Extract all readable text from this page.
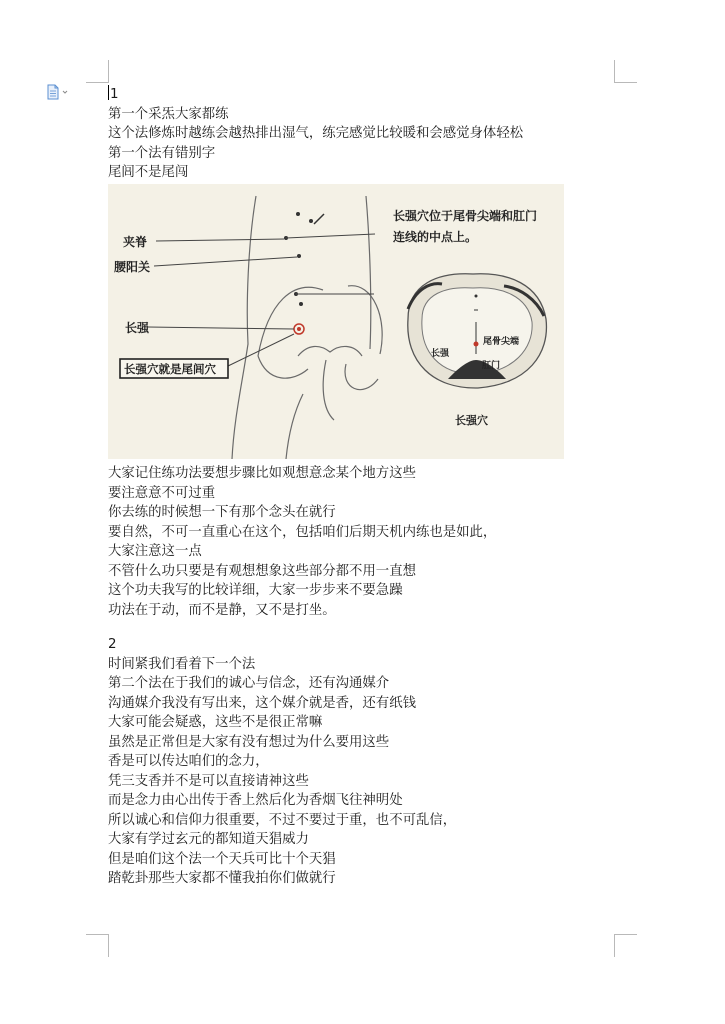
1
第一个采炁大家都练
这个法修炼时越练会越热排出湿气，练完感觉比较暖和会感觉身体轻松
第一个法有错别字
尾闾不是尾闯
夹脊
腰阳关
长强
长强穴就是尾闾穴
长强穴位于尾骨尖端和肛门
连线的中点上。
尾骨尖端
长强
肛门
长强穴
大家记住练功法要想步骤比如观想意念某个地方这些
要注意意不可过重
你去练的时候想一下有那个念头在就行
要自然，不可一直重心在这个，包括咱们后期天机内练也是如此，
大家注意这一点
不管什么功只要是有观想想象这些部分都不用一直想
这个功夫我写的比较详细，大家一步步来不要急躁
功法在于动，而不是静，又不是打坐。
2
时间紧我们看着下一个法
第二个法在于我们的诚心与信念，还有沟通媒介
沟通媒介我没有写出来，这个媒介就是香，还有纸钱
大家可能会疑惑，这些不是很正常嘛
虽然是正常但是大家有没有想过为什么要用这些
香是可以传达咱们的念力，
凭三支香并不是可以直接请神这些
而是念力由心出传于香上然后化为香烟飞往神明处
所以诚心和信仰力很重要，不过不要过于重，也不可乱信，
大家有学过玄元的都知道天猖威力
但是咱们这个法一个天兵可比十个天猖
踏乾卦那些大家都不懂我拍你们做就行
